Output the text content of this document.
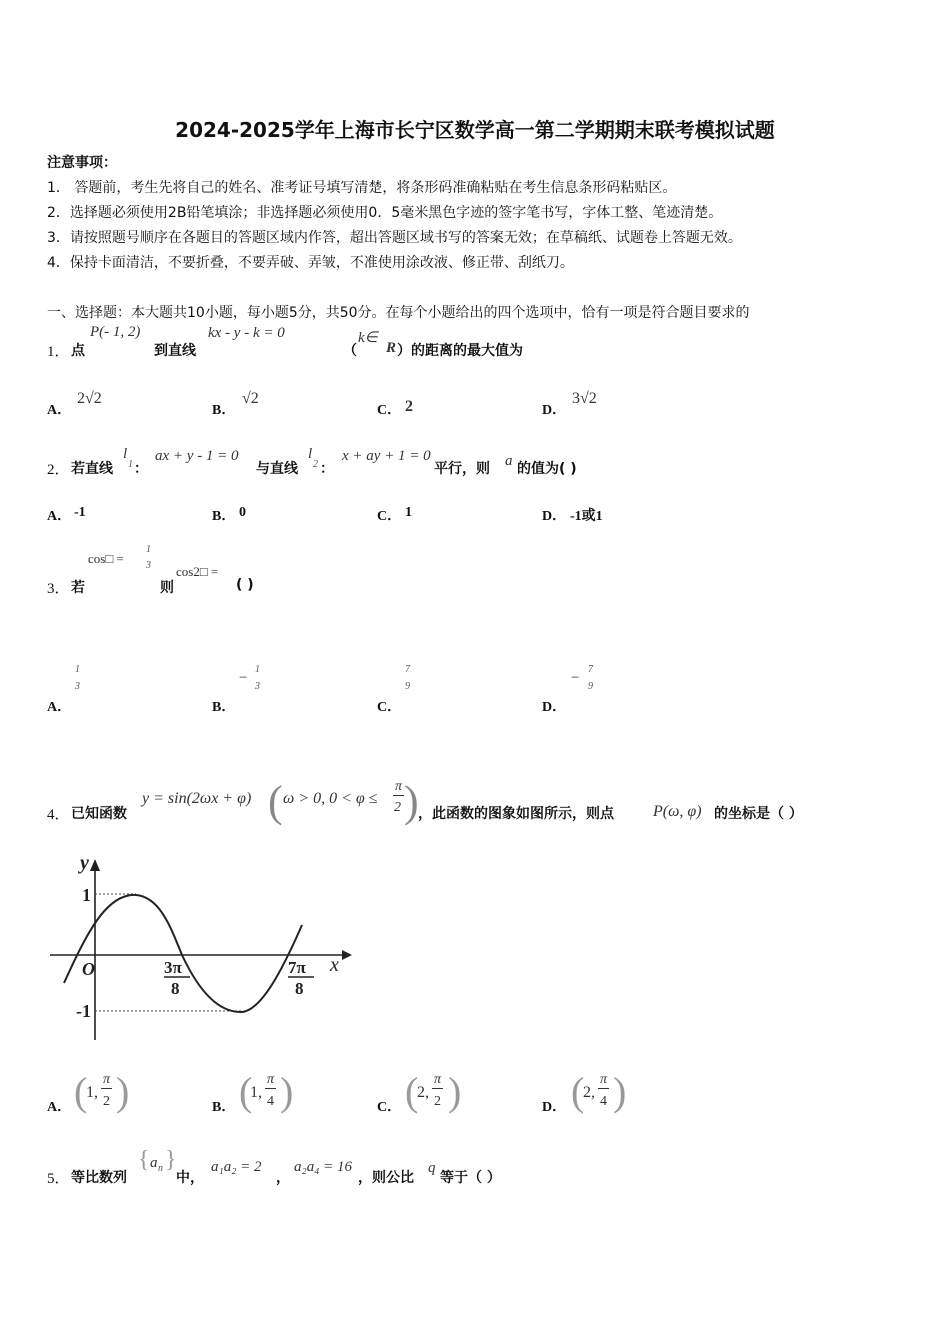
2024-2025学年上海市长宁区数学高一第二学期期末联考模拟试题
注意事项：
1． 答题前，考生先将自己的姓名、准考证号填写清楚，将条形码准确粘贴在考生信息条形码粘贴区。
2．选择题必须使用2B铅笔填涂；非选择题必须使用0．5毫米黑色字迹的签字笔书写，字体工整、笔迹清楚。
3．请按照题号顺序在各题目的答题区域内作答，超出答题区域书写的答案无效；在草稿纸、试题卷上答题无效。
4．保持卡面清洁，不要折叠，不要弄破、弄皱，不准使用涂改液、修正带、刮纸刀。
一、选择题：本大题共10小题，每小题5分，共50分。在每个小题给出的四个选项中，恰有一项是符合题目要求的
1． 点
P(- 1, 2)
到直线
kx - y - k = 0
（
k∈
R ）的距离的最大值为
A．
2√2
B．
√2
C． 2	D．
3√2
2． 若直线
l
1 ：
ax + y - 1 = 0
与直线
l
2 ：
x + ay + 1 = 0
平行，则 a 的值为( )
A． -1	B． 0	C． 1	D． -1或1
3． 若
cos□ =
1
3
则
cos2□ =
( )
A．
1
3
B．
−
1
3
C．
7
9
D．
−
7
9
4． 已知函数
y = sin(2ωx + φ) ( ω > 0, 0 < φ ≤
π
2 ) ，此函数的图象如图所示，则点 P(ω, φ) 的坐标是（ ）
y
x
O
1
-1
3π
8
7π
8
A． (
1,
π
2 )	B． (
1,
π
4 )	C． (
2,
π
2 )	D． (
2,
π
4 )
5． 等比数列
{ a n }
中，
a₁a₂ = 2
，
a₂a₄ = 16
，则公比
q
等于（ ）
